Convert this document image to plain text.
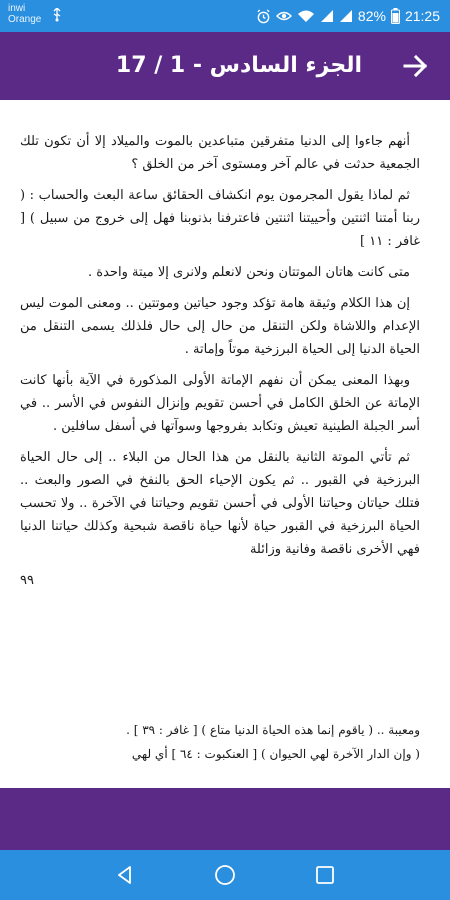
inwi
Orange	82% 21:25
الجزء السادس - 1 / 17

أنهم جاءوا إلى الدنيا متفرقين متباعدين بالموت والميلاد إلا أن تكون تلك الجمعية حدثت في عالم آخر ومستوى آخر من الخلق ؟

ثم لماذا يقول المجرمون يوم انكشاف الحقائق ساعة البعث والحساب : ( ربنا أمتنا اثنتين وأحييتنا اثنتين فاعترفنا بذنوبنا فهل إلى خروج من سبيل ) [ غافر : ١١ ]

متى كانت هاتان الموتتان ونحن لانعلم ولانرى إلا ميتة واحدة .

إن هذا الكلام وثيقة هامة تؤكد وجود حياتين وموتتين .. ومعنى الموت ليس الإعدام واللاشاة ولكن التنقل من حال إلى حال فلذلك يسمى التنقل من الحياة الدنيا إلى الحياة البرزخية موتاً وإماتة .

وبهذا المعنى يمكن أن نفهم الإماتة الأولى المذكورة في الآية بأنها كانت الإماتة عن الخلق الكامل في أحسن تقويم وإنزال النفوس في الأسر .. في أسر الجبلة الطينية تعيش وتكابد بفروجها وسوآتها في أسفل سافلين .

ثم تأتي الموتة الثانية بالنقل من هذا الحال من البلاء .. إلى حال الحياة البرزخية في القبور .. ثم يكون الإحياء الحق بالنفخ في الصور والبعث .. فتلك حياتان وحياتنا الأولى في أحسن تقويم وحياتنا في الآخرة .. ولا تحسب الحياة البرزخية في القبور حياة لأنها حياة ناقصة شبحية وكذلك حياتنا الدنيا فهي الأخرى ناقصة وفانية وزائلة

٩٩
ومعيبة .. ( ياقوم إنما هذه الحياة الدنيا متاع ) [ غافر : ٣٩ ] .
( وإن الدار الآخرة لهي الحيوان ) [ العنكبوت : ٦٤ ] أي لهي
